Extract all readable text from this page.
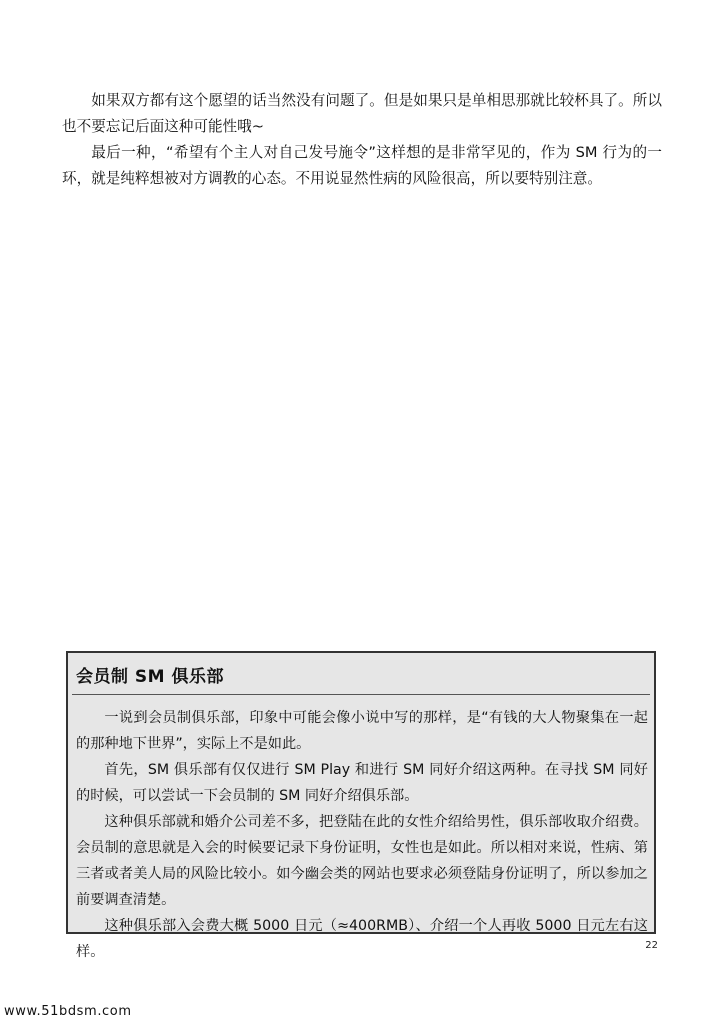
如果双方都有这个愿望的话当然没有问题了。但是如果只是单相思那就比较杯具了。所以也不要忘记后面这种可能性哦~

最后一种，“希望有个主人对自己发号施令”这样想的是非常罕见的，作为 SM 行为的一环，就是纯粹想被对方调教的心态。不用说显然性病的风险很高，所以要特别注意。

会员制 SM 俱乐部

一说到会员制俱乐部，印象中可能会像小说中写的那样，是“有钱的大人物聚集在一起的那种地下世界”，实际上不是如此。

首先，SM 俱乐部有仅仅进行 SM Play 和进行 SM 同好介绍这两种。在寻找 SM 同好的时候，可以尝试一下会员制的 SM 同好介绍俱乐部。

这种俱乐部就和婚介公司差不多，把登陆在此的女性介绍给男性，俱乐部收取介绍费。会员制的意思就是入会的时候要记录下身份证明，女性也是如此。所以相对来说，性病、第三者或者美人局的风险比较小。如今幽会类的网站也要求必须登陆身份证明了，所以参加之前要调查清楚。

这种俱乐部入会费大概 5000 日元（≈400RMB）、介绍一个人再收 5000 日元左右这样。	22
www.51bdsm.com
